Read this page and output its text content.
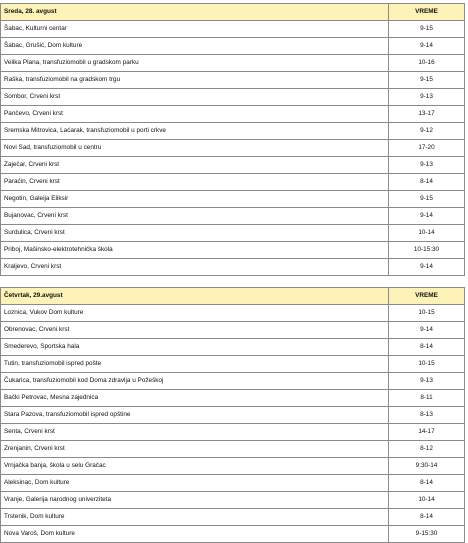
Sreda, 28. avgust	VREME
Šabac, Kulturni centar	9-15
Šabac, Grušić, Dom kulture	9-14
Velika Plana, transfuziomobil u gradskom parku	10-16
Raška, transfuziomobil na gradskom trgu	9-15
Sombor, Crveni krst	9-13
Pančevo, Crveni krst	13-17
Sremska Mitrovica, Laćarak, transfuziomobil u porti crkve	9-12
Novi Sad, transfuziomobil u centru	17-20
Zaječar, Crveni krst	9-13
Paraćin, Crveni krst	8-14
Negotin, Galeija Eliksir	9-15
Bujanovac, Crveni krst	9-14
Surdulica, Crveni krst	10-14
Priboj, Mašinsko-elektrotehnička škola	10-15:30
Kraljevo, Crveni krst	9-14
Četvrtak, 29.avgust	VREME
Loznica, Vukov Dom kulture	10-15
Obrenovac, Crveni krst	9-14
Smederevo, Sportska hala	8-14
Tutin, transfuziomobil ispred pošte	10-15
Čukarica, transfuziomobil kod Doma zdravlja u Požeškoj	9-13
Bački Petrovac, Mesna zajednica	8-11
Stara Pazova, transfuziomobil ispred opštine	8-13
Senta, Crveni krst	14-17
Zrenjanin, Crveni krst	8-12
Vrnjačka banja, škola u selu Gračac	9:30-14
Aleksinac, Dom kulture	8-14
Vranje, Galerija narodnog univerziteta	10-14
Trstenik, Dom kulture	8-14
Nova Varoš, Dom kulture	9-15:30
